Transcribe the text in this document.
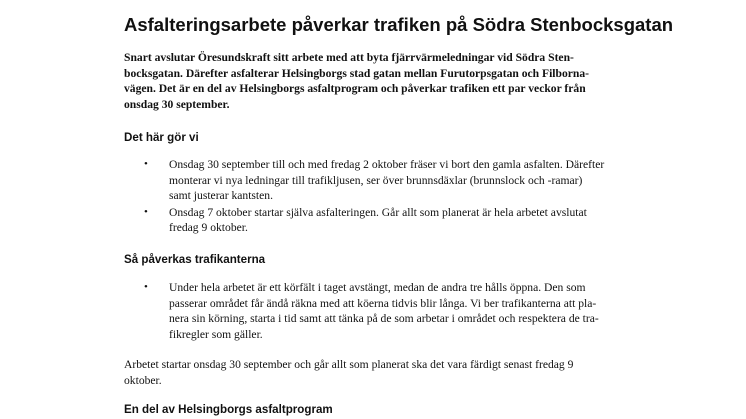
Asfalteringsarbete påverkar trafiken på Södra Stenbocksgatan

Snart avslutar Öresundskraft sitt arbete med att byta fjärrvärmeledningar vid Södra Sten-
bocksgatan. Därefter asfalterar Helsingborgs stad gatan mellan Furutorpsgatan och Filborna-
vägen. Det är en del av Helsingborgs asfaltprogram och påverkar trafiken ett par veckor från
onsdag 30 september.

Det här gör vi
• Onsdag 30 september till och med fredag 2 oktober fräser vi bort den gamla asfalten. Därefter
monterar vi nya ledningar till trafikljusen, ser över brunnsdäxlar (brunnslock och -ramar)
samt justerar kantsten.
• Onsdag 7 oktober startar själva asfalteringen. Går allt som planerat är hela arbetet avslutat
fredag 9 oktober.
Så påverkas trafikanterna
• Under hela arbetet är ett körfält i taget avstängt, medan de andra tre hålls öppna. Den som
passerar området får ändå räkna med att köerna tidvis blir långa. Vi ber trafikanterna att pla-
nera sin körning, starta i tid samt att tänka på de som arbetar i området och respektera de tra-
fikregler som gäller.

Arbetet startar onsdag 30 september och går allt som planerat ska det vara färdigt senast fredag 9
oktober.

En del av Helsingborgs asfaltprogram
